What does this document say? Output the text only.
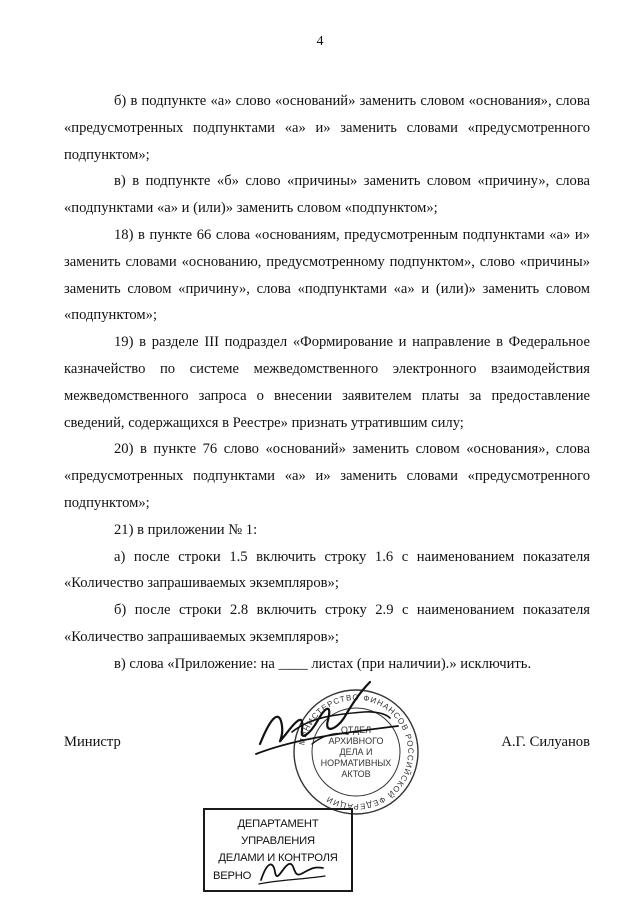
4

б) в подпункте «а» слово «оснований» заменить словом «основания», слова «предусмотренных подпунктами «а» и» заменить словами «предусмотренного подпунктом»;

в) в подпункте «б» слово «причины» заменить словом «причину», слова «подпунктами «а» и (или)» заменить словом «подпунктом»;

18) в пункте 66 слова «основаниям, предусмотренным подпунктами «а» и» заменить словами «основанию, предусмотренному подпунктом», слово «причины» заменить словом «причину», слова «подпунктами «а» и (или)» заменить словом «подпунктом»;

19) в разделе III подраздел «Формирование и направление в Федеральное казначейство по системе межведомственного электронного взаимодействия межведомственного запроса о внесении заявителем платы за предоставление сведений, содержащихся в Реестре» признать утратившим силу;

20) в пункте 76 слово «оснований» заменить словом «основания», слова «предусмотренных подпунктами «а» и» заменить словами «предусмотренного подпунктом»;

21) в приложении № 1:

а) после строки 1.5 включить строку 1.6 с наименованием показателя «Количество запрашиваемых экземпляров»;

б) после строки 2.8 включить строку 2.9 с наименованием показателя «Количество запрашиваемых экземпляров»;

в) слова «Приложение: на ____ листах (при наличии).» исключить.

Министр	А.Г. Силуанов
МИНИСТЕРСТВО ФИНАНСОВ РОССИЙСКОЙ ФЕДЕРАЦИИ
ОТДЕЛ
АРХИВНОГО
ДЕЛА И
НОРМАТИВНЫХ
АКТОВ
ДЕПАРТАМЕНТ УПРАВЛЕНИЯ
ДЕЛАМИ И КОНТРОЛЯ
ВЕРНО
